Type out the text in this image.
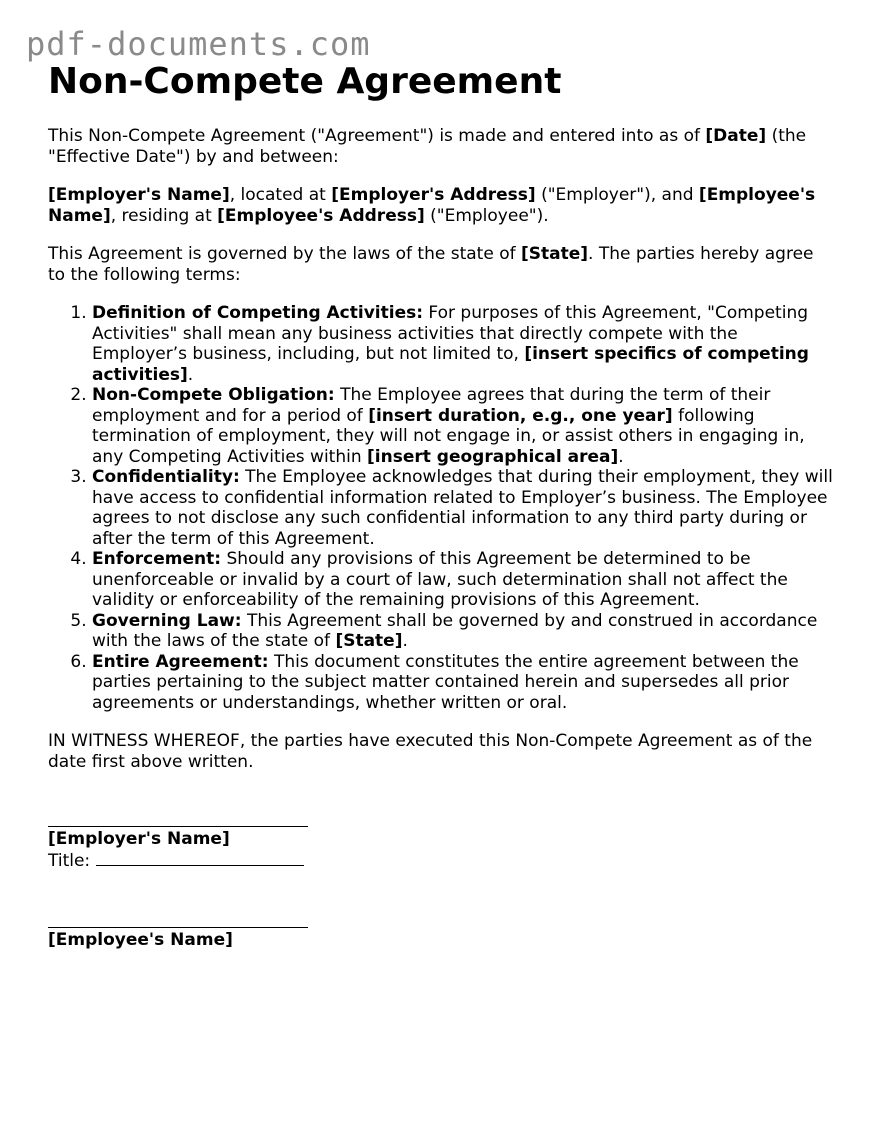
pdf-documents.com
Non-Compete Agreement

This Non-Compete Agreement ("Agreement") is made and entered into as of [Date] (the "Effective Date") by and between:

[Employer's Name], located at [Employer's Address] ("Employer"), and [Employee's Name], residing at [Employee's Address] ("Employee").

This Agreement is governed by the laws of the state of [State]. The parties hereby agree to the following terms:

1. Definition of Competing Activities: For purposes of this Agreement, "Competing Activities" shall mean any business activities that directly compete with the Employer’s business, including, but not limited to, [insert specifics of competing activities].
2. Non-Compete Obligation: The Employee agrees that during the term of their employment and for a period of [insert duration, e.g., one year] following termination of employment, they will not engage in, or assist others in engaging in, any Competing Activities within [insert geographical area].
3. Confidentiality: The Employee acknowledges that during their employment, they will have access to confidential information related to Employer’s business. The Employee agrees to not disclose any such confidential information to any third party during or after the term of this Agreement.
4. Enforcement: Should any provisions of this Agreement be determined to be unenforceable or invalid by a court of law, such determination shall not affect the validity or enforceability of the remaining provisions of this Agreement.
5. Governing Law: This Agreement shall be governed by and construed in accordance with the laws of the state of [State].
6. Entire Agreement: This document constitutes the entire agreement between the parties pertaining to the subject matter contained herein and supersedes all prior agreements or understandings, whether written or oral.

IN WITNESS WHEREOF, the parties have executed this Non-Compete Agreement as of the date first above written.

[Employer's Name]
Title:
[Employee's Name]
